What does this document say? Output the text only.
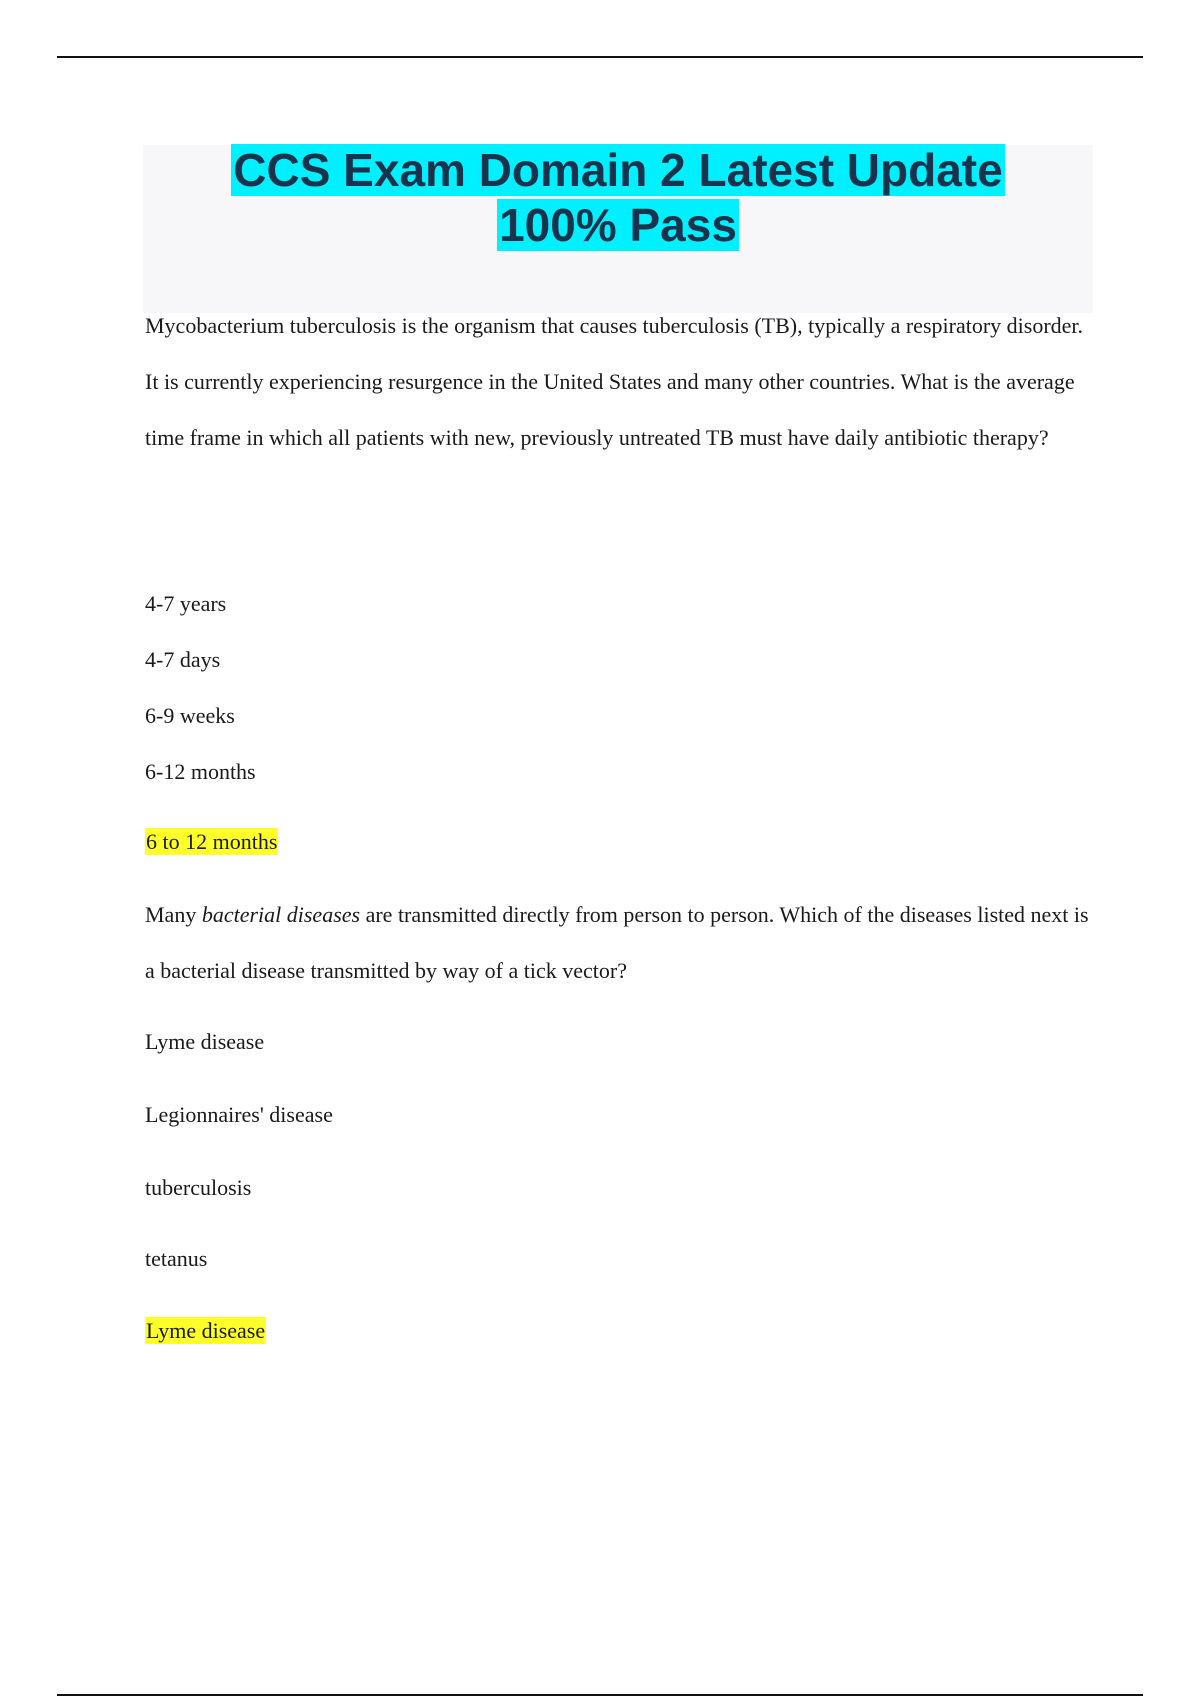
CCS Exam Domain 2 Latest Update
100% Pass

Mycobacterium tuberculosis is the organism that causes tuberculosis (TB), typically a respiratory disorder. It is currently experiencing resurgence in the United States and many other countries. What is the average time frame in which all patients with new, previously untreated TB must have daily antibiotic therapy?

4-7 years

4-7 days

6-9 weeks

6-12 months

6 to 12 months

Many bacterial diseases are transmitted directly from person to person. Which of the diseases listed next is a bacterial disease transmitted by way of a tick vector?

Lyme disease

Legionnaires' disease

tuberculosis

tetanus

Lyme disease
